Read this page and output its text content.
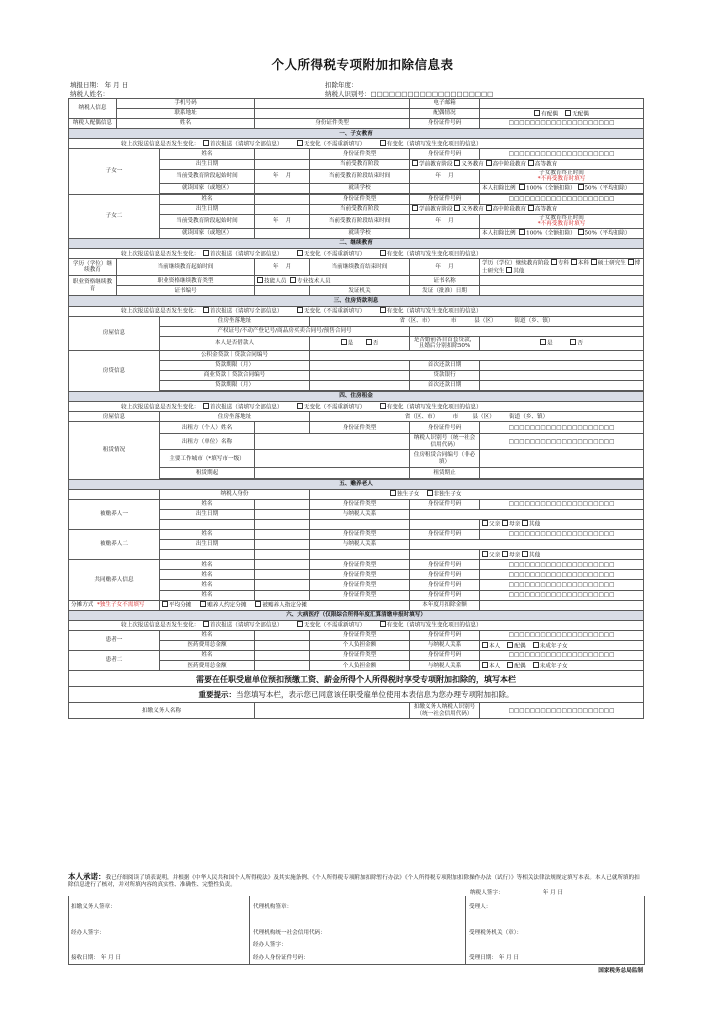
个人所得税专项附加扣除信息表
填报日期： 年 月 日	扣除年度：
纳税人姓名：	纳税人识别号：□□□□□□□□□□□□□□□□□□□□
纳税人信息	手机号码				电子邮箱	
	联系地址				配偶情况	有配偶 无配偶
纳税人配偶信息	姓名		身份证件类型		身份证件号码	□□□□□□□□□□□□□□□□□□□□
一、子女教育						
较上次报送信息是否发生变化： 首次报送（请填写全部信息） 无变化（不需重新填写） 有变化（请填写发生变化项目的信息）						
子女一		姓名		身份证件类型	身份证件号码	□□□□□□□□□□□□□□□□□□□□
		出生日期		当前受教育阶段	学前教育阶段 义务教育 高中阶段教育 高等教育	
		当前受教育阶段起始时间	年 月	当前受教育阶段结束时间	年 月	子女教育终止时间
*不再受教育时填写
		就读国家（或地区）		就读学校		本人扣除比例 100%（全额扣除） 50%（平均扣除）

子女二		姓名		身份证件类型	身份证件号码	□□□□□□□□□□□□□□□□□□□□
		出生日期		当前受教育阶段	学前教育阶段 义务教育 高中阶段教育 高等教育	
		当前受教育阶段起始时间	年 月	当前受教育阶段结束时间	年 月	子女教育终止时间
*不再受教育时填写
		就读国家（或地区）		就读学校		本人扣除比例 100%（全额扣除） 50%（平均扣除）
二、继续教育						
较上次报送信息是否发生变化： 首次报送（请填写全部信息） 无变化（不需重新填写） 有变化（请填写发生变化项目的信息）						
学历（学位）继续教育	当前继续教育起始时间		年 月	当前继续教育结束时间	年 月	学历（学位）继续教育阶段 专科 本科 硕士研究生 博士研究生 其他
职业资格继续教育	职业资格继续教育类型		技能人员 专业技术人员		证书名称	
	证书编号			发证机关	发证（批准）日期	
三、住房贷款利息						
较上次报送信息是否发生变化： 首次报送（请填写全部信息） 无变化（不需重新填写） 有变化（请填写发生变化项目的信息）						
房屋信息		住房坐落地址		省（区、市） 市 县（区） 街道（乡、镇）		
		产权证号/不动产登记号/商品房买卖合同号/预售合同号				
		本人是否借款人		是 否	是否婚前各自首套贷款，且婚后分别扣除50%	是 否
房贷信息		公积金贷款｜贷款合同编号				
		贷款期限（月）			首次还款日期	
		商业贷款｜贷款合同编号			贷款银行	
		贷款期限（月）			首次还款日期	

四、住房租金						
较上次报送信息是否发生变化： 首次报送（请填写全部信息） 无变化（不需重新填写） 有变化（请填写发生变化项目的信息）						
房屋信息		住房坐落地址		省（区、市） 市 县（区） 街道（乡、镇）		
租赁情况		出租方（个人）姓名		身份证件类型	身份证件号码	□□□□□□□□□□□□□□□□□□□□
		出租方（单位）名称			纳税人识别号（统一社会信用代码）	□□□□□□□□□□□□□□□□□□□□
		主要工作城市（*填写市一级）			住房租赁合同编号（非必填）	
		租赁期起			租赁期止	

五、赡养老人						
		纳税人身份		独生子女 非独生子女		
被赡养人一		姓名		身份证件类型	身份证件号码	□□□□□□□□□□□□□□□□□□□□
		出生日期		与纳税人关系		
						父亲 母亲 其他
被赡养人二		姓名		身份证件类型	身份证件号码	□□□□□□□□□□□□□□□□□□□□
		出生日期		与纳税人关系		
						父亲 母亲 其他
共同赡养人信息		姓名		身份证件类型	身份证件号码	□□□□□□□□□□□□□□□□□□□□
		姓名		身份证件类型	身份证件号码	□□□□□□□□□□□□□□□□□□□□
		姓名		身份证件类型	身份证件号码	□□□□□□□□□□□□□□□□□□□□
		姓名		身份证件类型	身份证件号码	□□□□□□□□□□□□□□□□□□□□
分摊方式 *独生子女不需填写		平均分摊 赡养人约定分摊 被赡养人指定分摊			本年度月扣除金额	
六、大病医疗（仅限综合所得年度汇算清缴申报时填写）						
较上次报送信息是否发生变化： 首次报送（请填写全部信息） 无变化（不需重新填写） 有变化（请填写发生变化项目的信息）						
患者一		姓名		身份证件类型	身份证件号码	□□□□□□□□□□□□□□□□□□□□
		医药费用总金额		个人负担金额	与纳税人关系	本人 配偶 未成年子女
患者二		姓名		身份证件类型	身份证件号码	□□□□□□□□□□□□□□□□□□□□
		医药费用总金额		个人负担金额	与纳税人关系	本人 配偶 未成年子女
需要在任职受雇单位预扣预缴工资、薪金所得个人所得税时享受专项附加扣除的，填写本栏						
重要提示：当您填写本栏，表示您已同意该任职受雇单位使用本表信息为您办理专项附加扣除。						
扣缴义务人名称					扣缴义务人纳税人识别号（统一社会信用代码）	□□□□□□□□□□□□□□□□□□□□
本人承诺：我已仔细阅读了填表说明，并根据《中华人民共和国个人所得税法》及其实施条例、《个人所得税专项附加扣除暂行办法》《个人所得税专项附加扣除操作办法（试行）》等相关法律法规规定填写本表。本人已就所填的扣除信息进行了核对，并对所填内容的真实性、准确性、完整性负责。
纳税人签字：	年 月 日
扣缴义务人签章：
经办人签字：
接收日期： 年 月 日
代理机构签章：
代理机构统一社会信用代码：
经办人签字：
经办人身份证件号码：
受理人：
受理税务机关（章）：
受理日期： 年 月 日
国家税务总局监制
